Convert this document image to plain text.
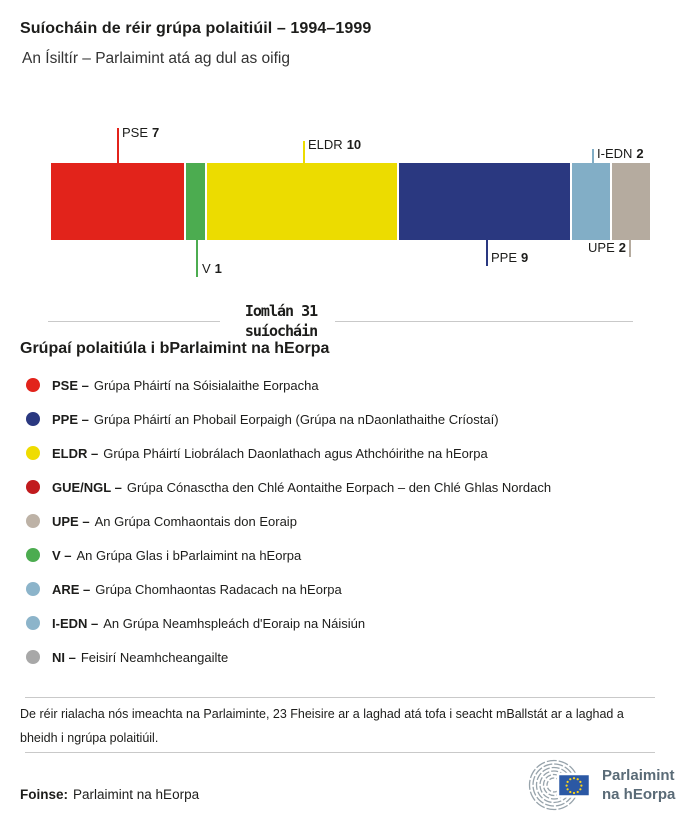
Suíocháin de réir grúpa polaitiúil – 1994–1999
An Ísiltír – Parlaimint atá ag dul as oifig
PSE 7
ELDR 10
I-EDN 2
V 1
PPE 9
UPE 2
Iomlán 31
suíocháin
Grúpaí polaitiúla i bParlaimint na hEorpa
PSE – Grúpa Pháirtí na Sóisialaithe Eorpacha
PPE – Grúpa Pháirtí an Phobail Eorpaigh (Grúpa na nDaonlathaithe Críostaí)
ELDR – Grúpa Pháirtí Liobrálach Daonlathach agus Athchóirithe na hEorpa
GUE/NGL – Grúpa Cónasctha den Chlé Aontaithe Eorpach – den Chlé Ghlas Nordach
UPE – An Grúpa Comhaontais don Eoraip
V – An Grúpa Glas i bParlaimint na hEorpa
ARE – Grúpa Chomhaontas Radacach na hEorpa
I-EDN – An Grúpa Neamhspleách d'Eoraip na Náisiún
NI – Feisirí Neamhcheangailte
De réir rialacha nós imeachta na Parlaiminte, 23 Fheisire ar a laghad atá tofa i seacht mBallstát ar a laghad a bheidh i ngrúpa polaitiúil.
Foinse: Parlaimint na hEorpa
Parlaimint
na hEorpa
